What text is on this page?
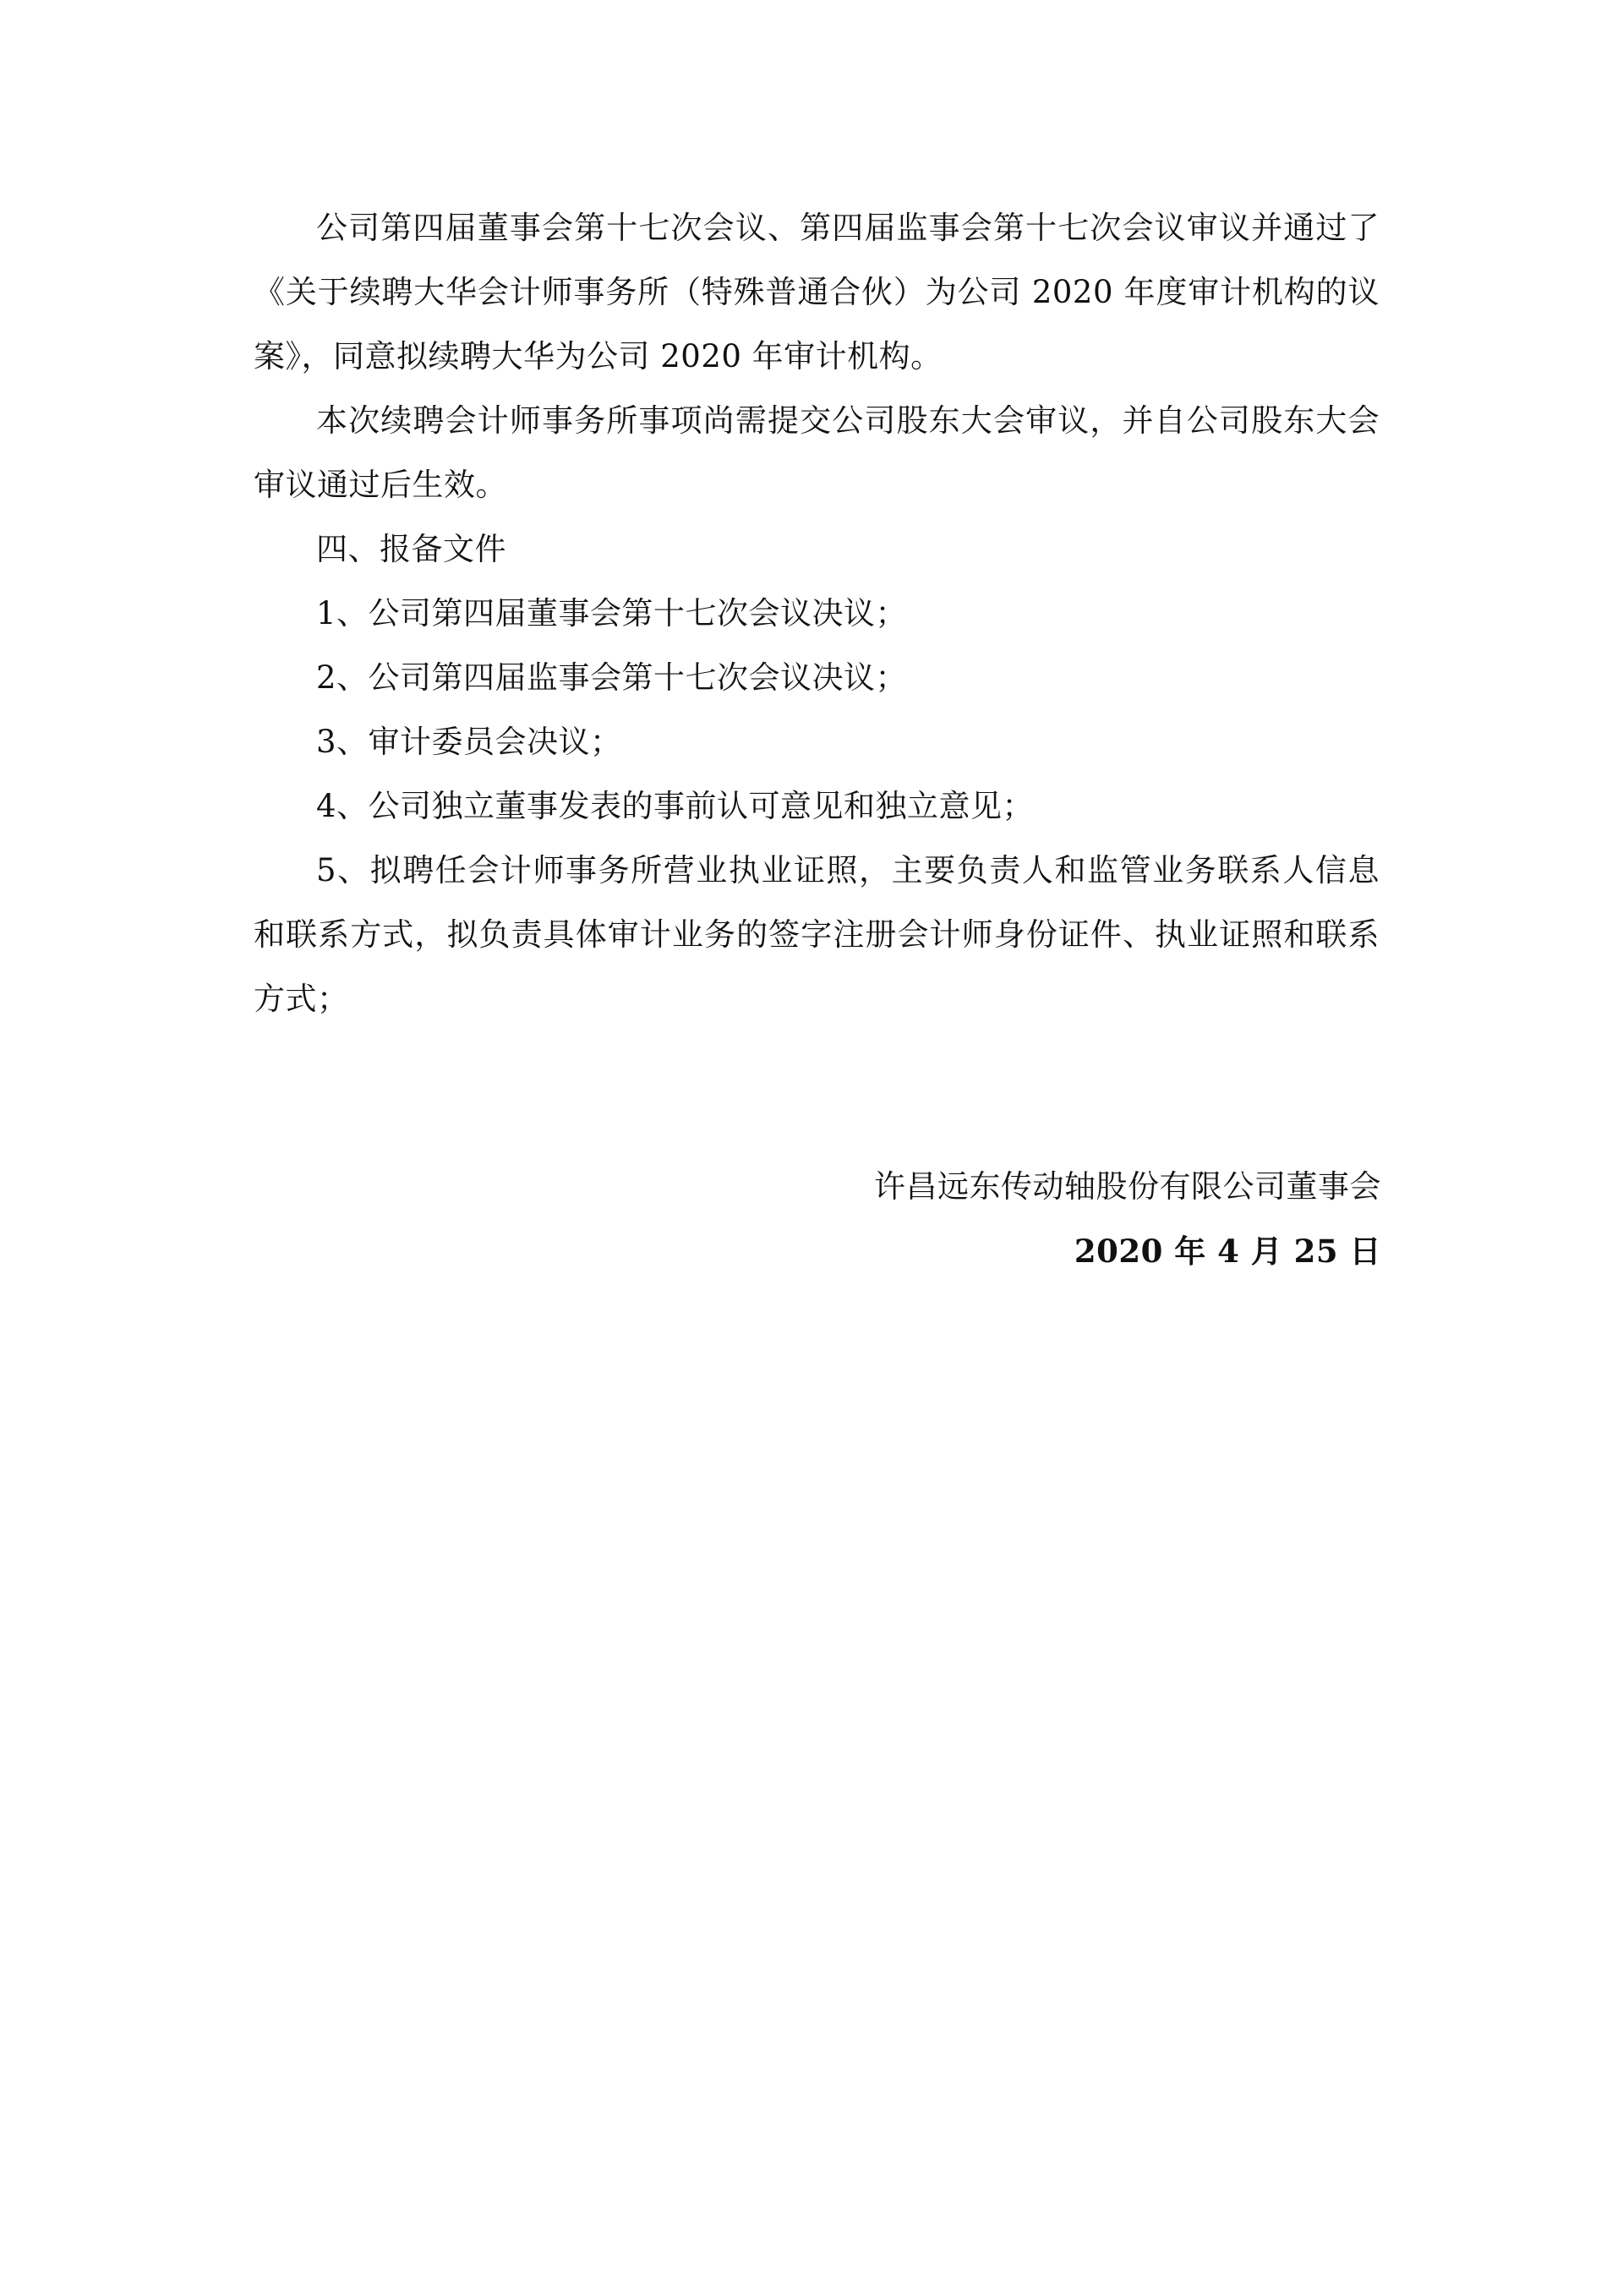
公司第四届董事会第十七次会议、第四届监事会第十七次会议审议并通过了《关于续聘大华会计师事务所（特殊普通合伙）为公司 2020 年度审计机构的议案》，同意拟续聘大华为公司 2020 年审计机构。

本次续聘会计师事务所事项尚需提交公司股东大会审议，并自公司股东大会审议通过后生效。

四、报备文件

1、公司第四届董事会第十七次会议决议；

2、公司第四届监事会第十七次会议决议；

3、审计委员会决议；

4、公司独立董事发表的事前认可意见和独立意见；

5、拟聘任会计师事务所营业执业证照，主要负责人和监管业务联系人信息和联系方式，拟负责具体审计业务的签字注册会计师身份证件、执业证照和联系方式；

许昌远东传动轴股份有限公司董事会
2020 年 4 月 25 日
